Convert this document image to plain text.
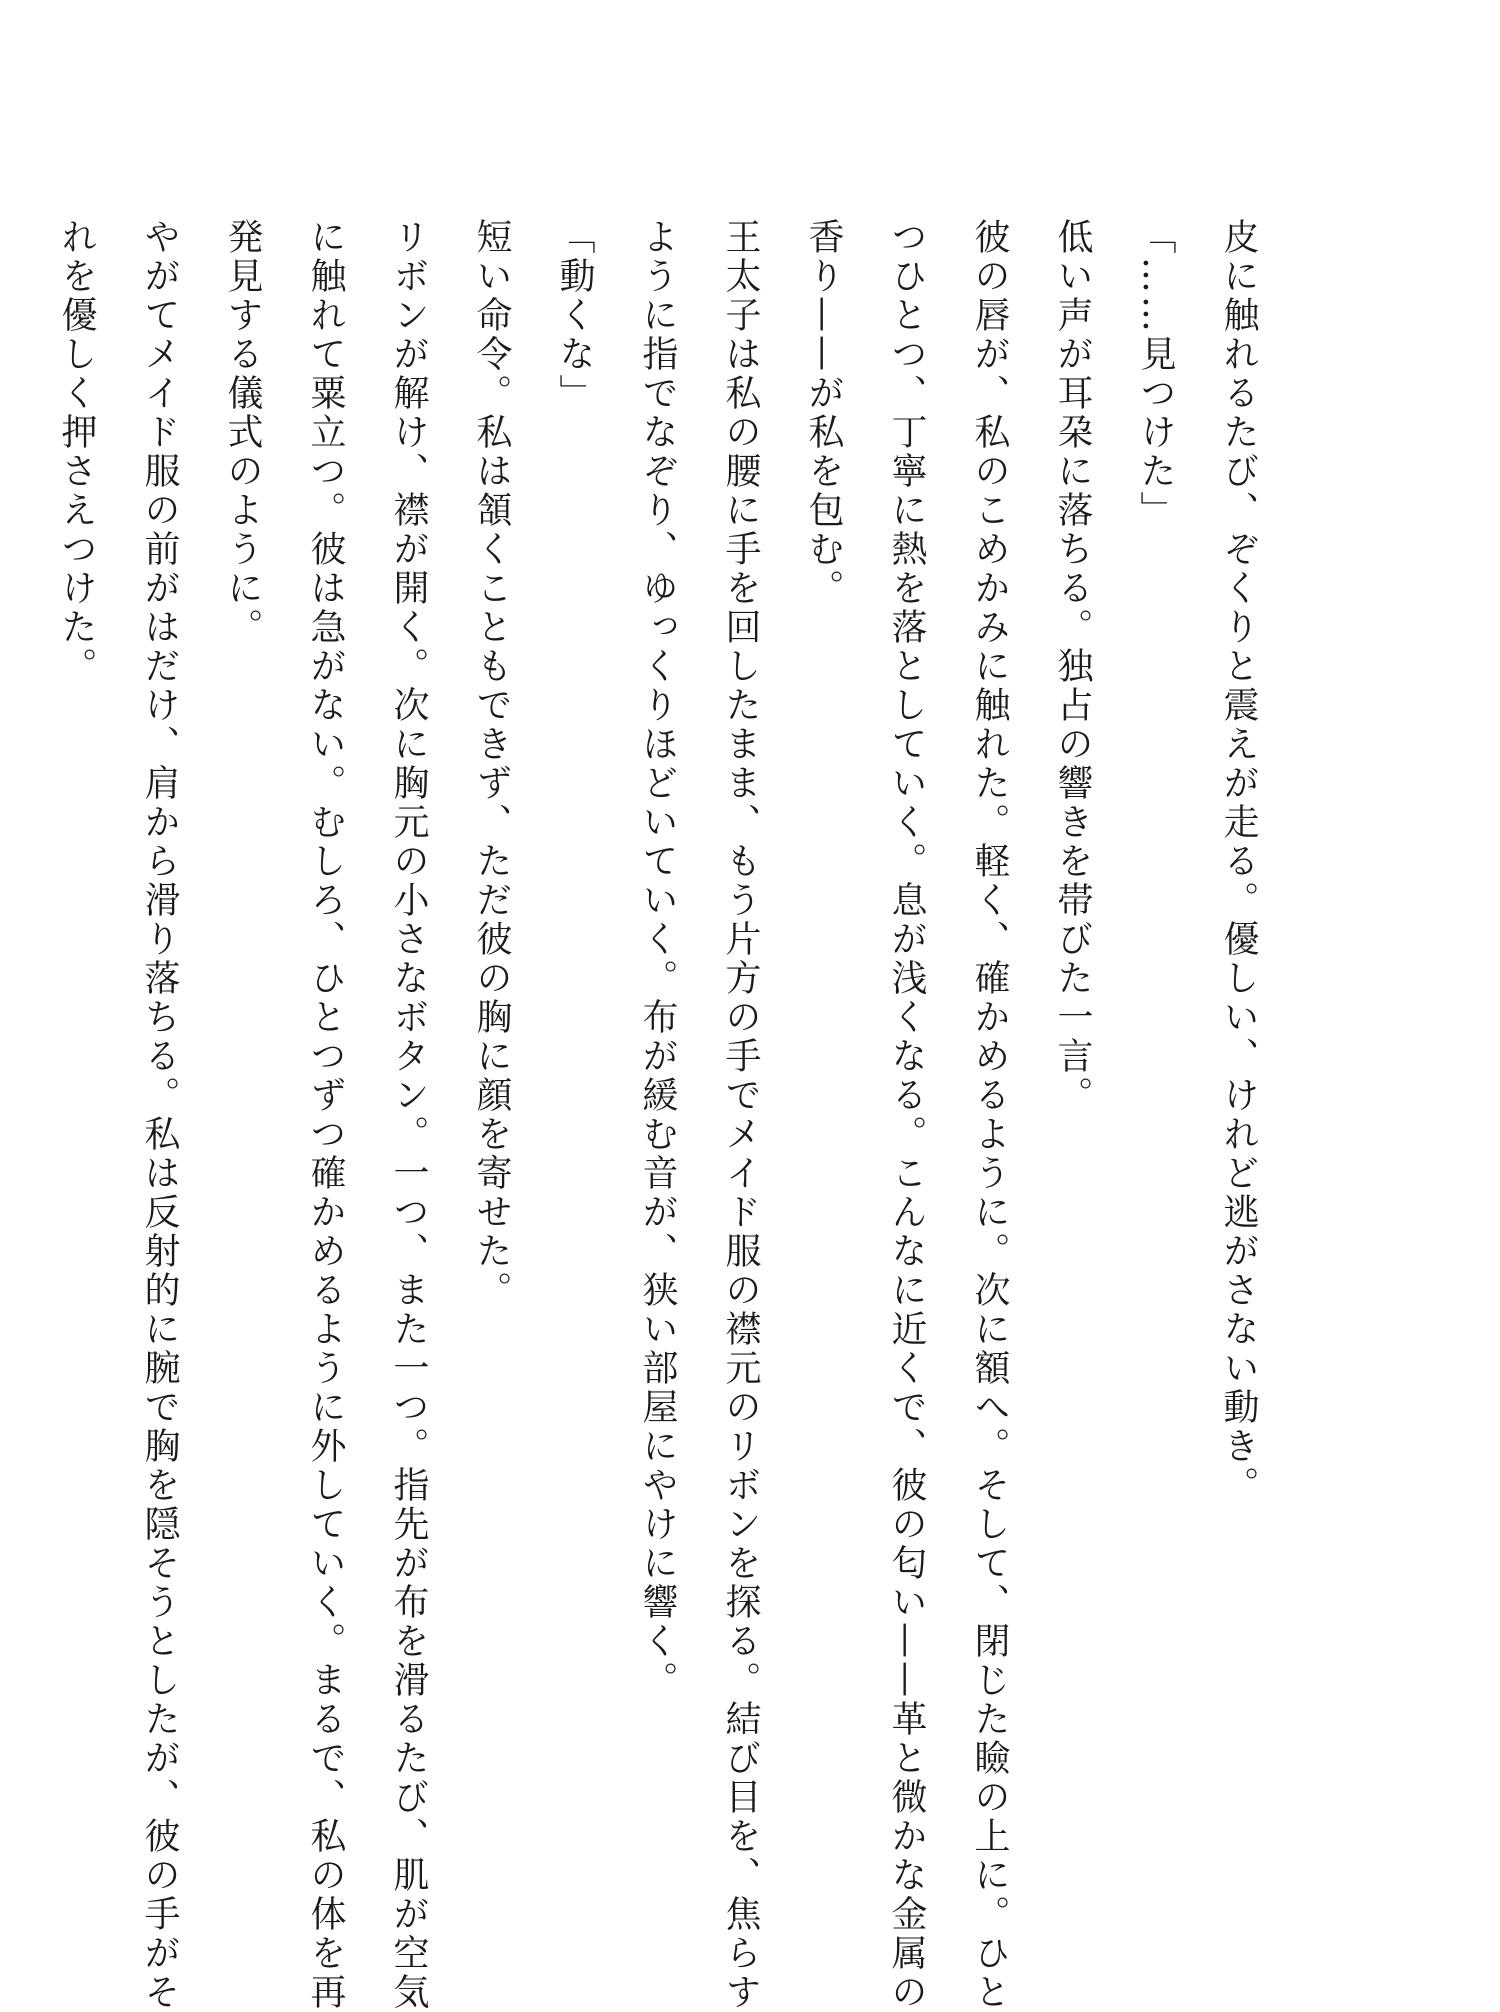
皮に触れるたび、ぞくりと震えが走る。優しい、けれど逃がさない動き。
「……見つけた」
低い声が耳朶に落ちる。独占の響きを帯びた一言。
彼の唇が、私のこめかみに触れた。軽く、確かめるように。次に額へ。そして、閉じた瞼の上に。ひと
つひとつ、丁寧に熱を落としていく。息が浅くなる。こんなに近くで、彼の匂い——革と微かな金属の
香り——が私を包む。
王太子は私の腰に手を回したまま、もう片方の手でメイド服の襟元のリボンを探る。結び目を、焦らす
ように指でなぞり、ゆっくりほどいていく。布が緩む音が、狭い部屋にやけに響く。
「動くな」
短い命令。私は頷くこともできず、ただ彼の胸に顔を寄せた。
リボンが解け、襟が開く。次に胸元の小さなボタン。一つ、また一つ。指先が布を滑るたび、肌が空気
に触れて粟立つ。彼は急がない。むしろ、ひとつずつ確かめるように外していく。まるで、私の体を再
発見する儀式のように。
やがてメイド服の前がはだけ、肩から滑り落ちる。私は反射的に腕で胸を隠そうとしたが、彼の手がそ
れを優しく押さえつけた。
